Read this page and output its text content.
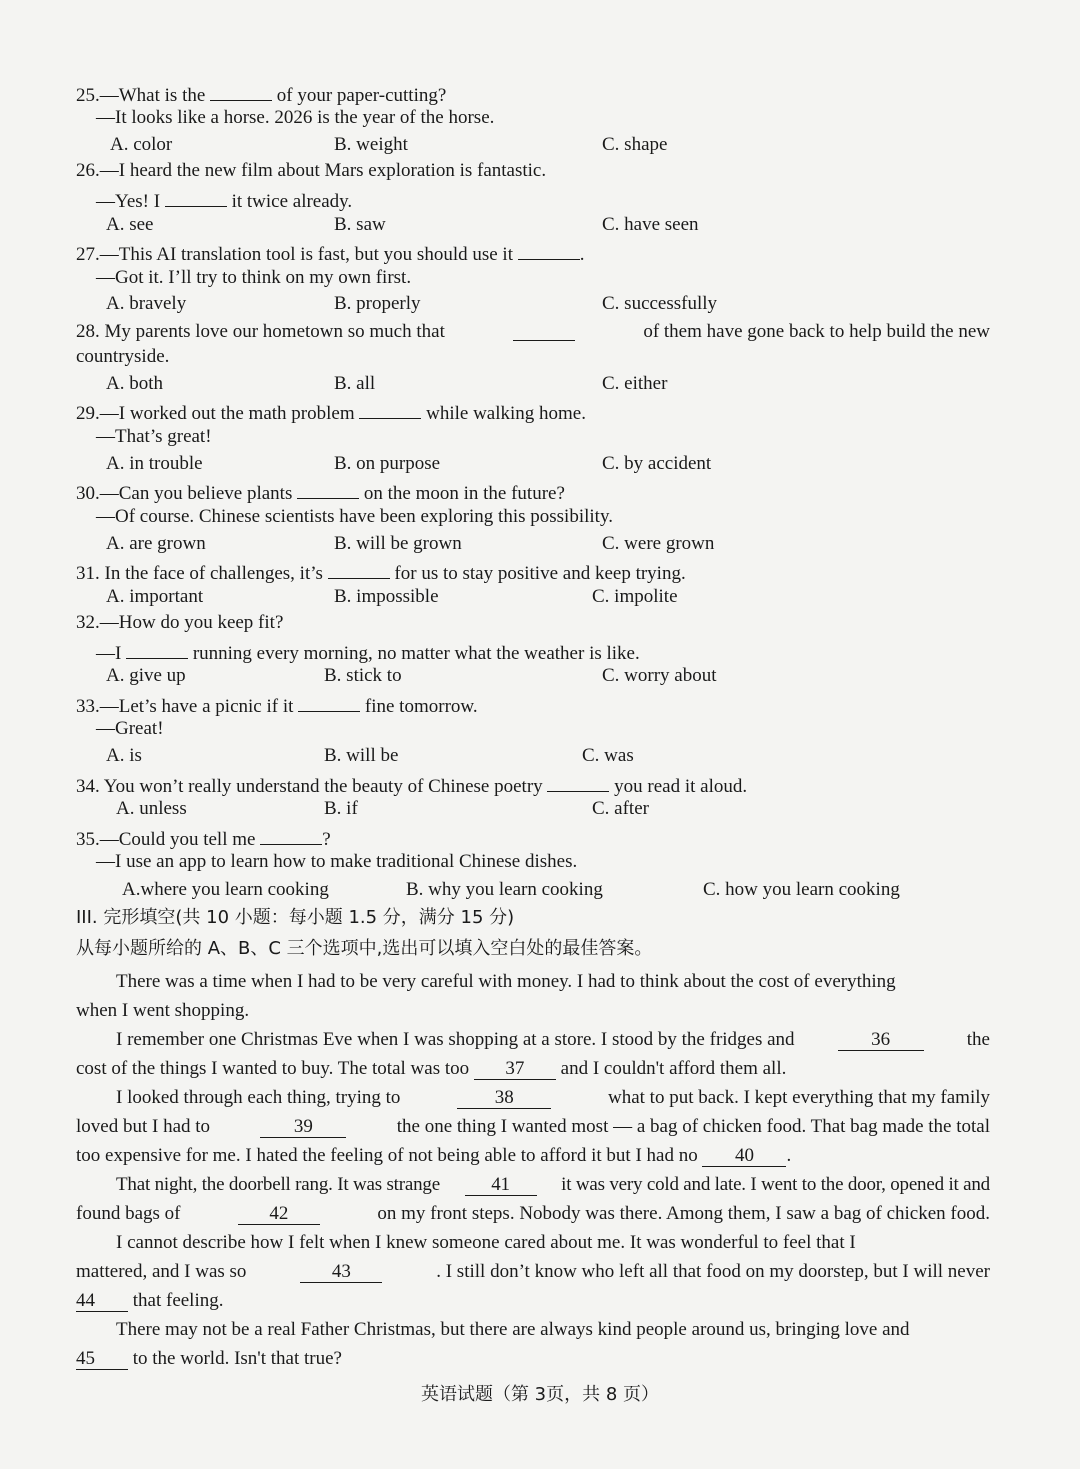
25.—What is the	of your paper-cutting?
—It looks like a horse. 2026 is the year of the horse.
A. color	B. weight	C. shape
26.—I heard the new film about Mars exploration is fantastic.
—Yes! I	it twice already.
A. see	B. saw	C. have seen
27.—This AI translation tool is fast, but you should use it	.
—Got it. I’ll try to think on my own first.
A. bravely	B. properly	C. successfully
28. My parents love our hometown so much that	of them have gone back to help build the new
countryside.
A. both	B. all	C. either
29.—I worked out the math problem	while walking home.
—That’s great!
A. in trouble	B. on purpose	C. by accident
30.—Can you believe plants	on the moon in the future?
—Of course. Chinese scientists have been exploring this possibility.
A. are grown	B. will be grown	C. were grown
31. In the face of challenges, it’s	for us to stay positive and keep trying.
A. important	B. impossible	C. impolite
32.—How do you keep fit?
—I	running every morning, no matter what the weather is like.
A. give up	B. stick to	C. worry about
33.—Let’s have a picnic if it	fine tomorrow.
—Great!
A. is	B. will be	C. was
34. You won’t really understand the beauty of Chinese poetry	you read it aloud.
A. unless	B. if	C. after
35.—Could you tell me	?
—I use an app to learn how to make traditional Chinese dishes.
A.where you learn cooking	B. why you learn cooking	C. how you learn cooking
III. 完形填空(共 10 小题：每小题 1.5 分，满分 15 分)
从每小题所给的 A、B、C 三个选项中,选出可以填入空白处的最佳答案。
There was a time when I had to be very careful with money. I had to think about the cost of everything
when I went shopping.
I remember one Christmas Eve when I was shopping at a store. I stood by the fridges and	36	the
cost of the things I wanted to buy. The total was too 37 and I couldn't afford them all.
I looked through each thing, trying to	38	what to put back. I kept everything that my family
loved but I had to	39	the one thing I wanted most — a bag of chicken food. That bag made the total
too expensive for me. I hated the feeling of not being able to afford it but I had no 40 .
That night, the doorbell rang. It was strange	41	it was very cold and late. I went to the door, opened it and
found bags of	42	on my front steps. Nobody was there. Among them, I saw a bag of chicken food.
I cannot describe how I felt when I knew someone cared about me. It was wonderful to feel that I
mattered, and I was so	43	. I still don’t know who left all that food on my doorstep, but I will never
44 that feeling.
There may not be a real Father Christmas, but there are always kind people around us, bringing love and
45 to the world. Isn't that true?
英语试题（第 3页，共 8 页）
